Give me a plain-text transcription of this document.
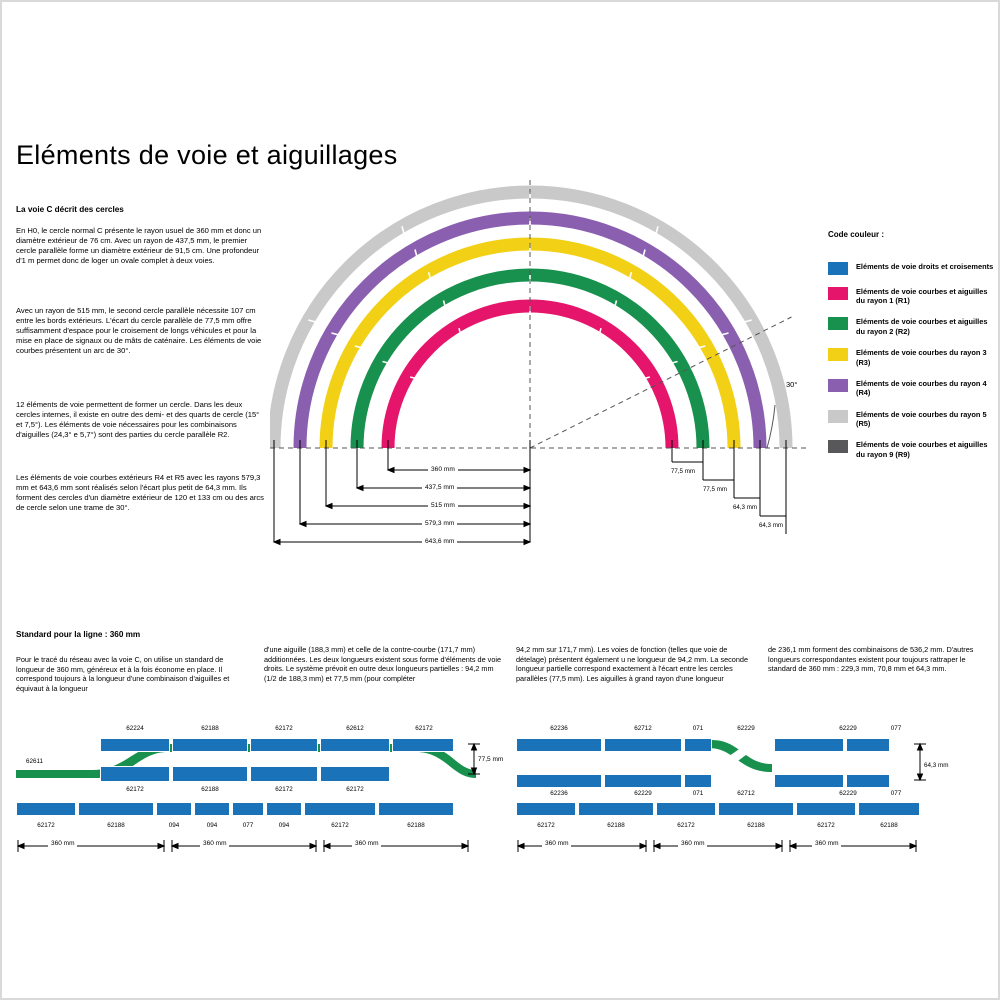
Eléments de voie et aiguillages
La voie C décrit des cercles
En H0, le cercle normal C présente le rayon usuel de 360 mm et donc un diamètre extérieur de 76 cm. Avec un rayon de 437,5 mm, le premier cercle parallèle forme un diamètre extérieur de 91,5 cm. Une profondeur d'1 m permet donc de loger un ovale complet à deux voies.
Avec un rayon de 515 mm, le second cercle parallèle nécessite 107 cm entre les bords extérieurs. L'écart du cercle parallèle de 77,5 mm offre suffisamment d'espace pour le croisement de longs véhicules et pour la mise en place de signaux ou de mâts de caténaire. Les éléments de voie courbes présentent un arc de 30°.
12 éléments de voie permettent de former un cercle. Dans les deux cercles internes, il existe en outre des demi- et des quarts de cercle (15° et 7,5°). Les éléments de voie nécessaires pour les combinaisons d'aiguilles (24,3° e 5,7°) sont des parties du cercle parallèle R2.
Les éléments de voie courbes extérieurs R4 et R5 avec les rayons 579,3 mm et 643,6 mm sont réalisés selon l'écart plus petit de 64,3 mm. Ils forment des cercles d'un diamètre extérieur de 120 et 133 cm ou des arcs de cercle selon une trame de 30°.
Code couleur :
Eléments de voie droits et croisements
Eléments de voie courbes et aiguilles du rayon 1 (R1)
Eléments de voie courbes et aiguilles du rayon 2 (R2)
Eléments de voie courbes du rayon 3 (R3)
Eléments de voie courbes du rayon 4 (R4)
Eléments de voie courbes du rayon 5 (R5)
Eléments de voie courbes et aiguilles du rayon 9 (R9)
30°
360 mm
437,5 mm
515 mm
579,3 mm
643,6 mm
77,5 mm
77,5 mm
64,3 mm
64,3 mm
Standard pour la ligne : 360 mm
Pour le tracé du réseau avec la voie C, on utilise un standard de longueur de 360 mm, généreux et à la fois économe en place. Il correspond toujours à la longueur d'une combinaison d'aiguilles et équivaut à la longueur
d'une aiguille (188,3 mm) et celle de la contre-courbe (171,7 mm) additionnées. Les deux longueurs existent sous forme d'éléments de voie droits. Le système prévoit en outre deux longueurs partielles : 94,2 mm (1/2 de 188,3 mm) et 77,5 mm (pour compléter
94,2 mm sur 171,7 mm). Les voies de fonction (telles que voie de dételage) présentent également u ne longueur de 94,2 mm. La seconde longueur partielle correspond exactement à l'écart entre les cercles parallèles (77,5 mm). Les aiguilles à grand rayon d'une longueur
de 236,1 mm forment des combinaisons de 536,2 mm. D'autres longueurs correspondantes existent pour toujours rattraper le standard de 360 mm : 229,3 mm, 70,8 mm et 64,3 mm.
62224	62188	62172	62612	62172
62611
62172	62188	62172	62172
62172	62188	094	094	077	094	62172	62188
77,5 mm
360 mm	360 mm	360 mm
62236	62712	071	62229	62229	077
62236	62229	071	62712	62229	077
62172	62188	62172	62188	62172	62188
64,3 mm
360 mm	360 mm	360 mm
